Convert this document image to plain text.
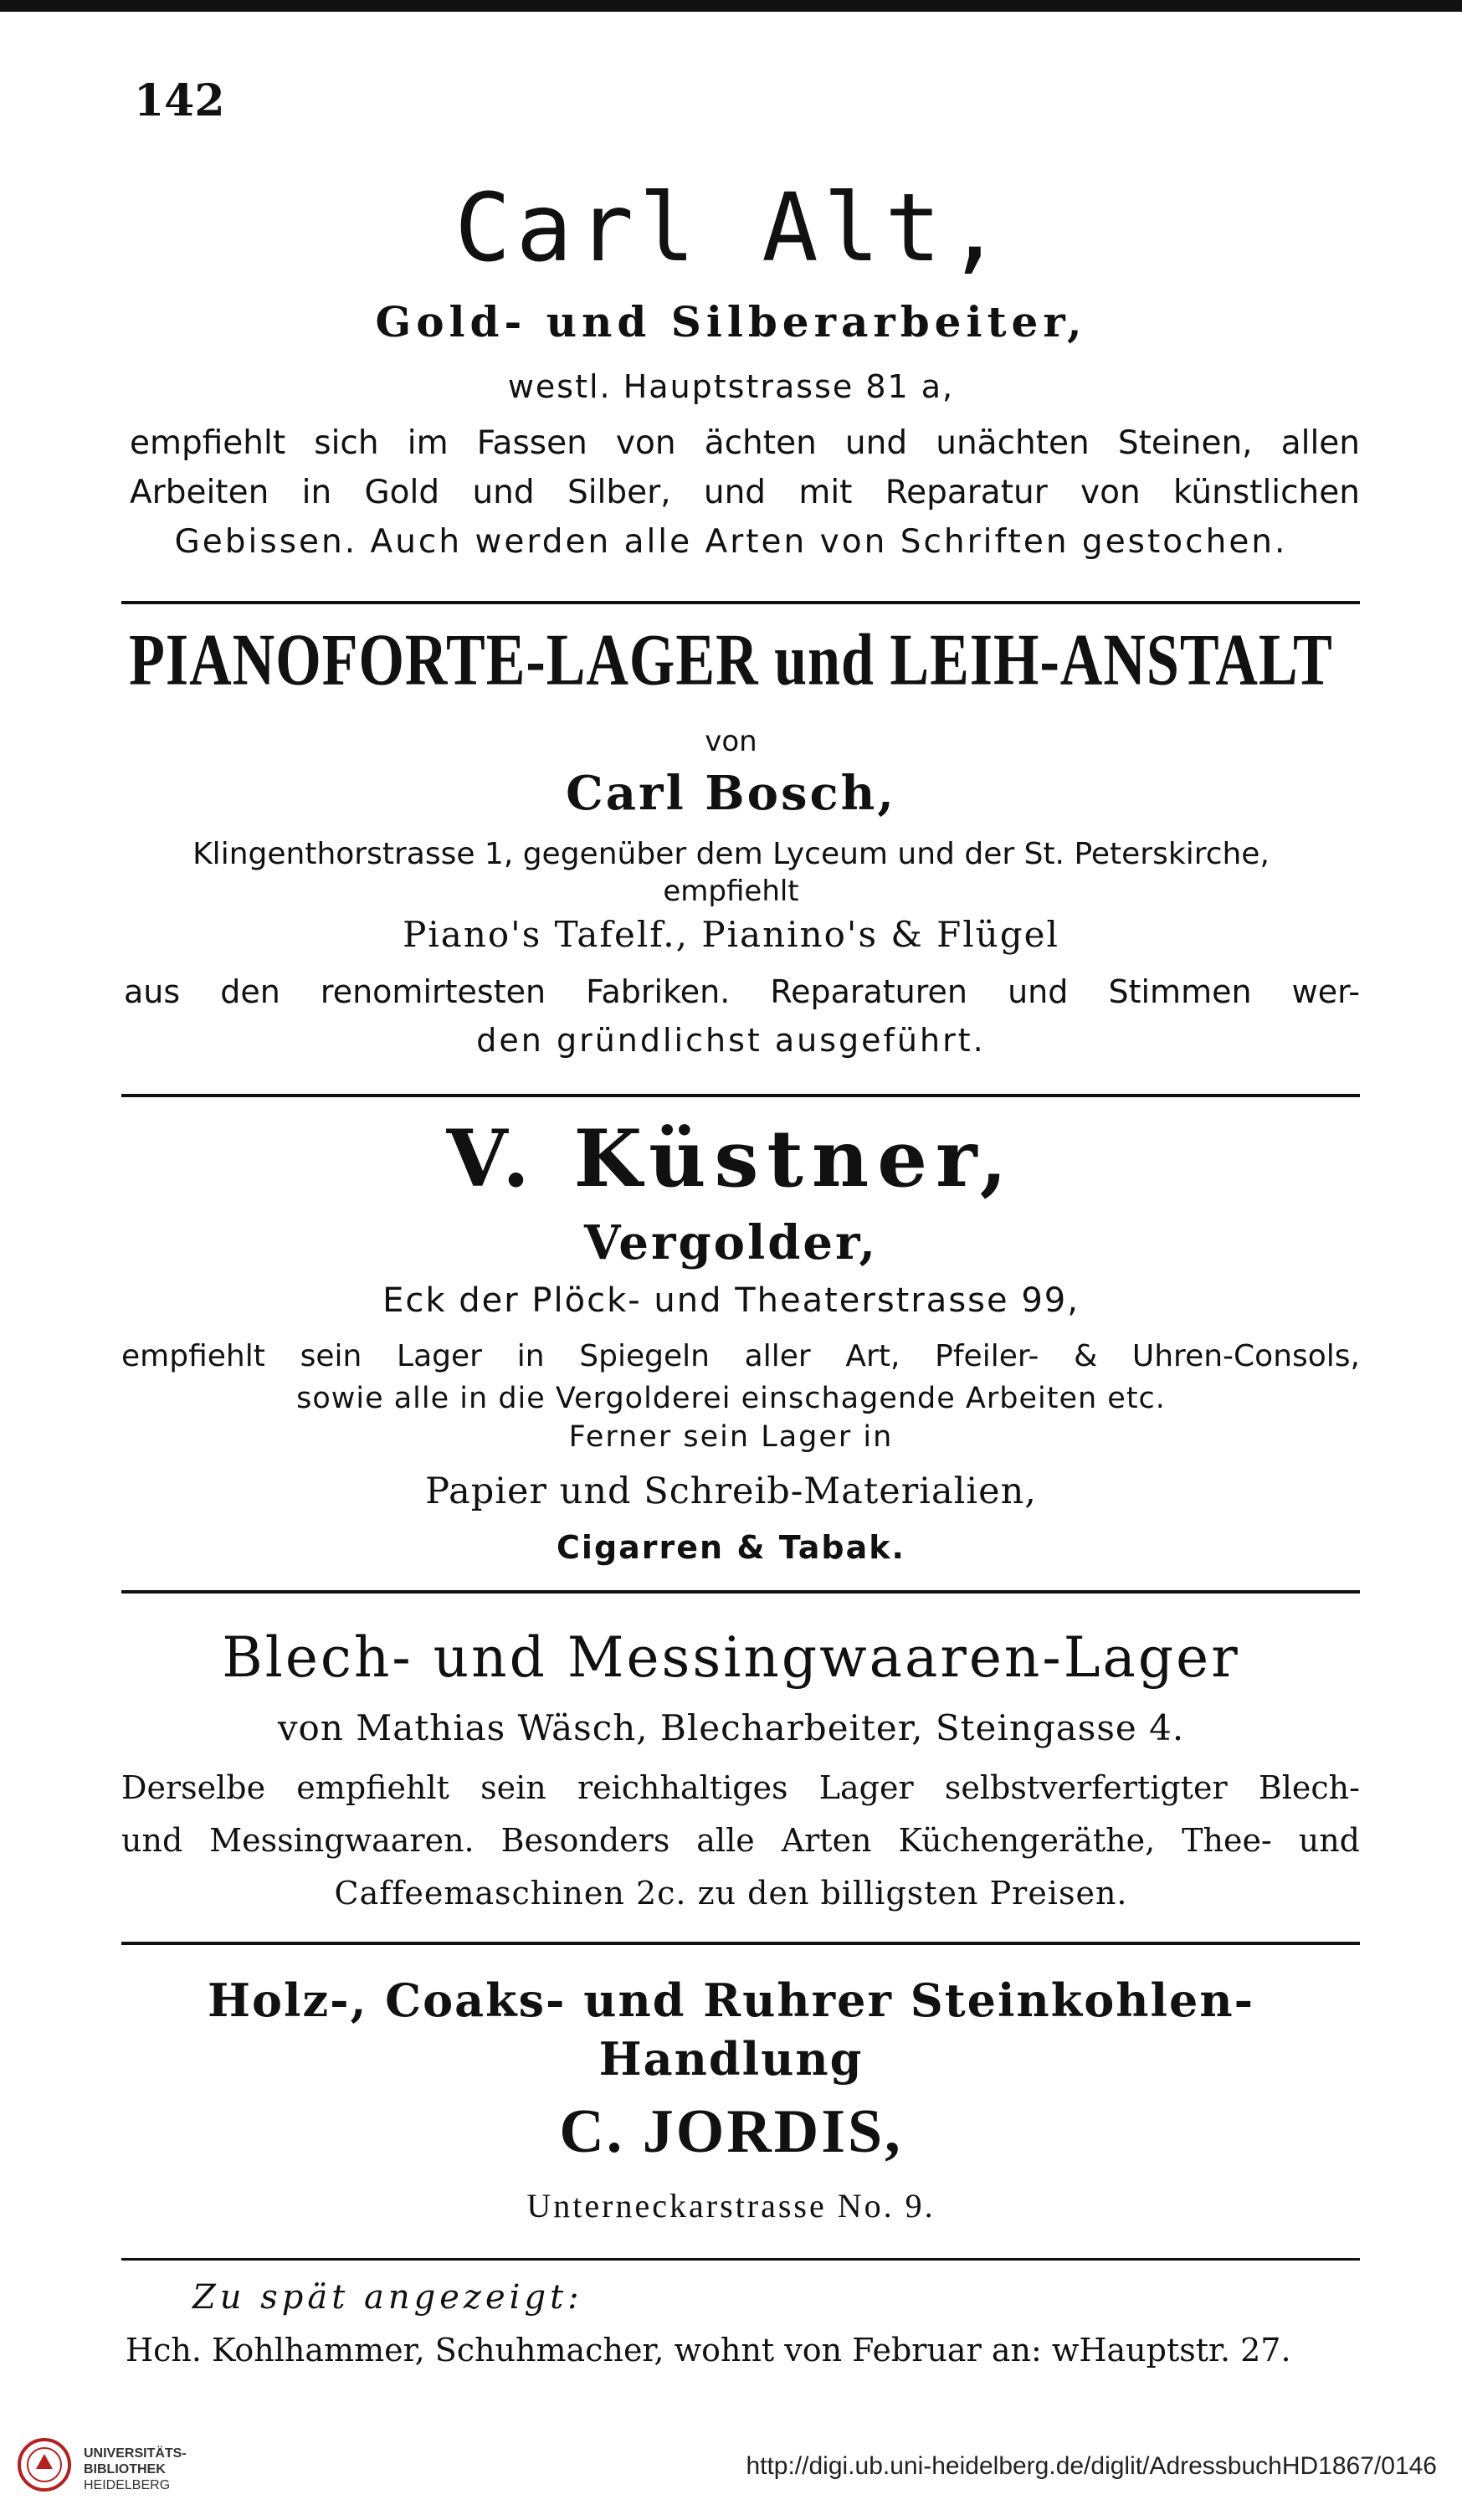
142
Carl Alt,
Gold- und Silberarbeiter,
westl. Hauptstrasse 81 a,
empfiehlt sich im Fassen von ächten und unächten Steinen, allen
Arbeiten in Gold und Silber, und mit Reparatur von künstlichen
Gebissen. Auch werden alle Arten von Schriften gestochen.
PIANOFORTE-LAGER und LEIH-ANSTALT
von
Carl Bosch,
Klingenthorstrasse 1, gegenüber dem Lyceum und der St. Peterskirche,
empfiehlt
Piano's Tafelf., Pianino's & Flügel
aus den renomirtesten Fabriken. Reparaturen und Stimmen wer-
den gründlichst ausgeführt.
V. Küstner,
Vergolder,
Eck der Plöck- und Theaterstrasse 99,
empfiehlt sein Lager in Spiegeln aller Art, Pfeiler- & Uhren-Consols,
sowie alle in die Vergolderei einschagende Arbeiten etc.
Ferner sein Lager in
Papier und Schreib-Materialien,
Cigarren & Tabak.
Blech- und Messingwaaren-Lager
von Mathias Wäsch, Blecharbeiter, Steingasse 4.
Derselbe empfiehlt sein reichhaltiges Lager selbstverfertigter Blech-
und Messingwaaren. Besonders alle Arten Küchengeräthe, Thee- und
Caffeemaschinen 2c. zu den billigsten Preisen.
Holz-, Coaks- und Ruhrer Steinkohlen-
Handlung
C. JORDIS,
Unterneckarstrasse No. 9.
Zu spät angezeigt:
Hch. Kohlhammer, Schuhmacher, wohnt von Februar an: wHauptstr. 27.
UNIVERSITÄTS-
BIBLIOTHEK
HEIDELBERG
http://digi.ub.uni-heidelberg.de/diglit/AdressbuchHD1867/0146
